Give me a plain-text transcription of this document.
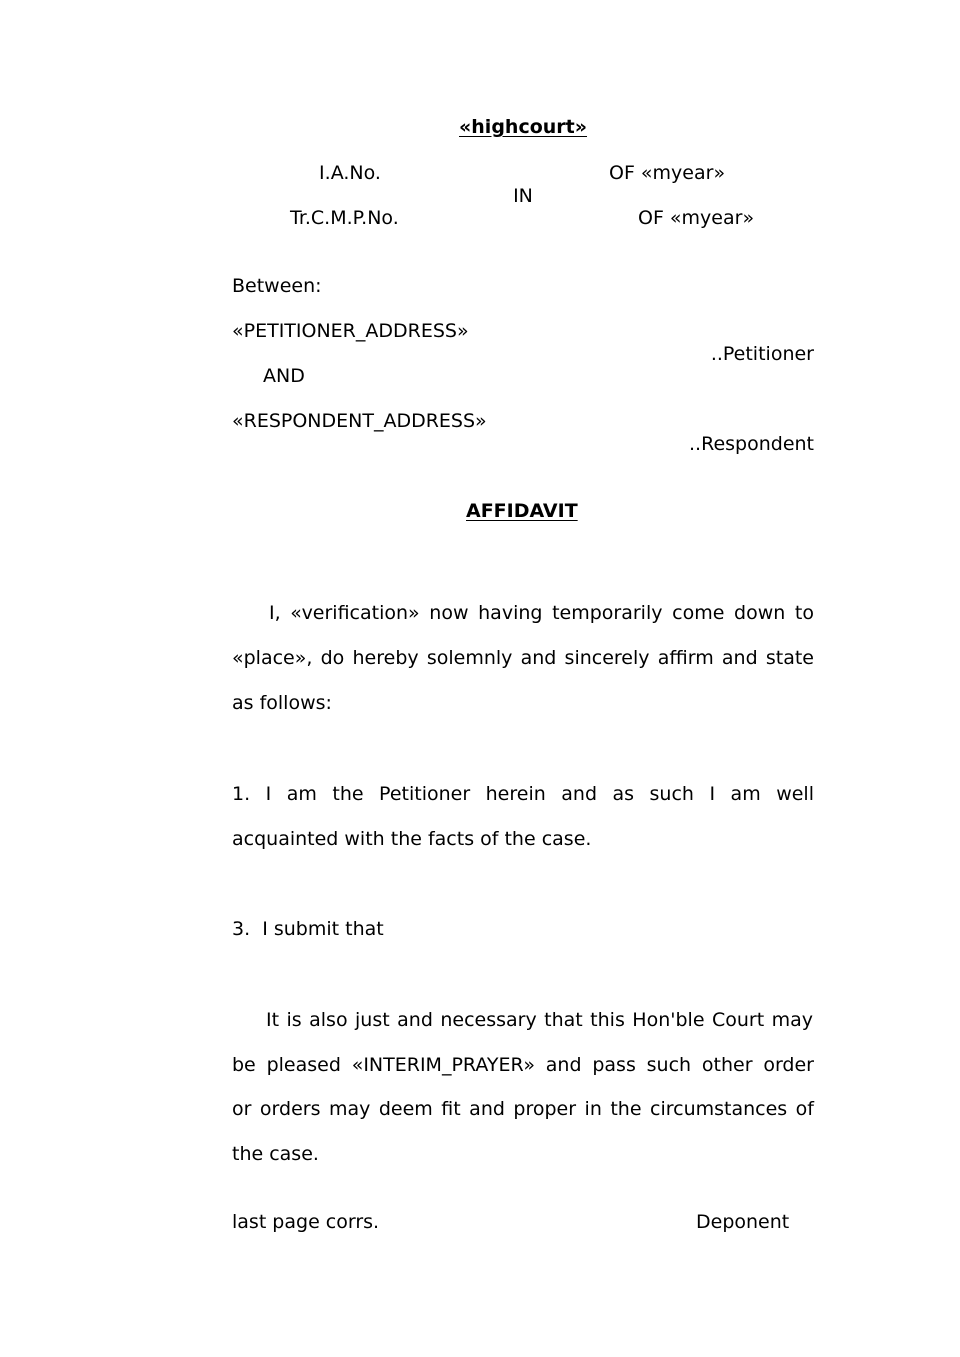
«highcourt»
I.A.No.	OF «myear»
IN
Tr.C.M.P.No.	OF «myear»
Between:
«PETITIONER_ADDRESS»
..Petitioner
AND
«RESPONDENT_ADDRESS»
..Respondent
AFFIDAVIT
I, «verification» now having temporarily come down to
«place», do hereby solemnly and sincerely affirm and state
as follows:
1. I am the Petitioner herein and as such I am well
acquainted with the facts of the case.
3.  I submit that
It is also just and necessary that this Hon'ble Court may
be pleased «INTERIM_PRAYER» and pass such other order
or orders may deem fit and proper in the circumstances of
the case.
last page corrs.	Deponent
